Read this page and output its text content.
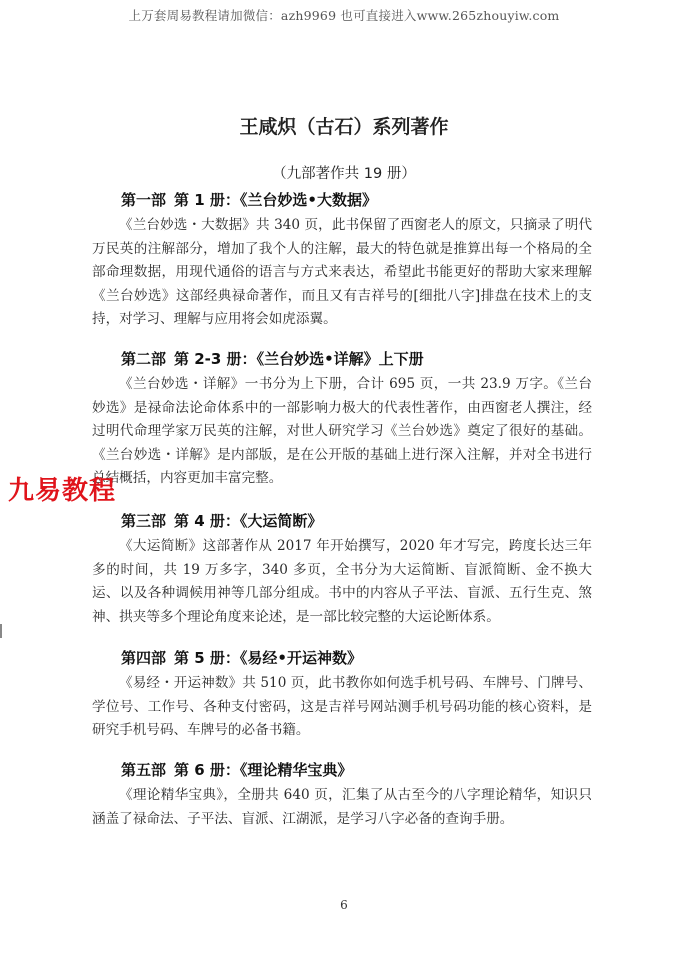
上万套周易教程请加微信：azh9969 也可直接进入www.265zhouyiw.com
王咸炽（古石）系列著作
（九部著作共 19 册）
第一部 第 1 册：《兰台妙选•大数据》

《兰台妙选・大数据》共 340 页，此书保留了西窗老人的原文，只摘录了明代万民英的注解部分，增加了我个人的注解，最大的特色就是推算出每一个格局的全部命理数据，用现代通俗的语言与方式来表达，希望此书能更好的帮助大家来理解《兰台妙选》这部经典禄命著作，而且又有吉祥号的[细批八字]排盘在技术上的支持，对学习、理解与应用将会如虎添翼。

第二部 第 2-3 册：《兰台妙选•详解》上下册

《兰台妙选・详解》一书分为上下册，合计 695 页，一共 23.9 万字。《兰台妙选》是禄命法论命体系中的一部影响力极大的代表性著作，由西窗老人撰注，经过明代命理学家万民英的注解，对世人研究学习《兰台妙选》奠定了很好的基础。《兰台妙选・详解》是内部版，是在公开版的基础上进行深入注解，并对全书进行总结概括，内容更加丰富完整。

第三部 第 4 册：《大运简断》

《大运简断》这部著作从 2017 年开始撰写，2020 年才写完，跨度长达三年多的时间，共 19 万多字，340 多页，全书分为大运简断、盲派简断、金不换大运、以及各种调候用神等几部分组成。书中的内容从子平法、盲派、五行生克、煞神、拱夹等多个理论角度来论述，是一部比较完整的大运论断体系。

第四部 第 5 册：《易经•开运神数》

《易经・开运神数》共 510 页，此书教你如何选手机号码、车牌号、门牌号、学位号、工作号、各种支付密码，这是吉祥号网站测手机号码功能的核心资料，是研究手机号码、车牌号的必备书籍。

第五部 第 6 册：《理论精华宝典》

《理论精华宝典》，全册共 640 页，汇集了从古至今的八字理论精华，知识只涵盖了禄命法、子平法、盲派、江湖派，是学习八字必备的查询手册。

九易教程
6
